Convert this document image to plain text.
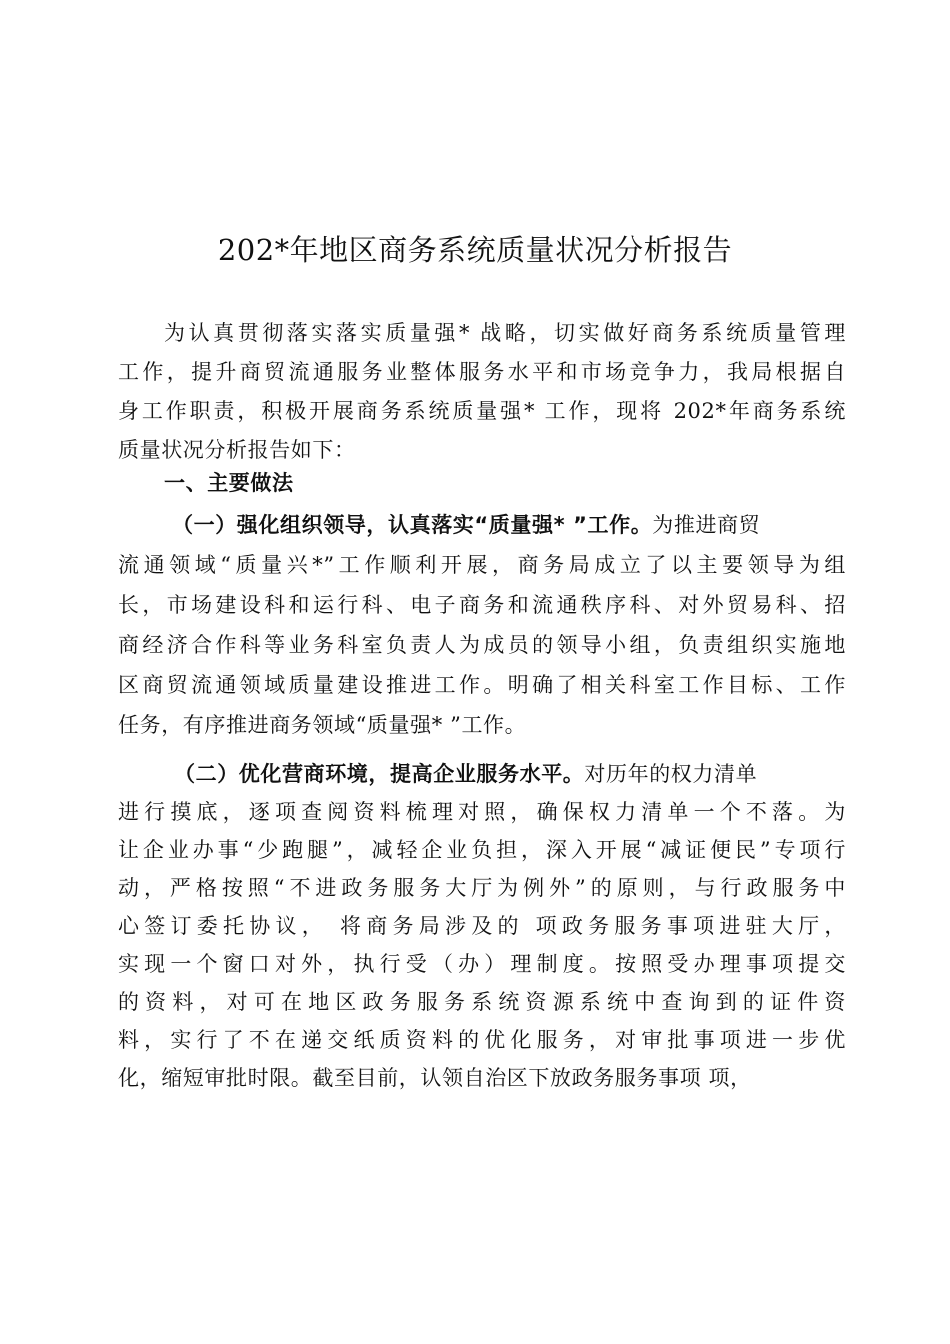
202*年地区商务系统质量状况分析报告
为认真贯彻落实落实质量强* 战略，切实做好商务系统质量管理
工作，提升商贸流通服务业整体服务水平和市场竞争力，我局根据自
身工作职责，积极开展商务系统质量强* 工作，现将 202*年商务系统
质量状况分析报告如下：
一、主要做法
（一）强化组织领导，认真落实“质量强* ”工作。为推进商贸
流通领域“质量兴*”工作顺利开展，商务局成立了以主要领导为组
长，市场建设科和运行科、电子商务和流通秩序科、对外贸易科、招
商经济合作科等业务科室负责人为成员的领导小组，负责组织实施地
区商贸流通领域质量建设推进工作。明确了相关科室工作目标、工作
任务，有序推进商务领域“质量强* ”工作。
（二）优化营商环境，提高企业服务水平。对历年的权力清单
进行摸底，逐项查阅资料梳理对照，确保权力清单一个不落。为
让企业办事“少跑腿”，减轻企业负担，深入开展“减证便民”专项行
动，严格按照“不进政务服务大厅为例外”的原则，与行政服务中
心签订委托协议， 将商务局涉及的 项政务服务事项进驻大厅，
实现一个窗口对外，执行受（办）理制度。按照受办理事项提交
的资料，对可在地区政务服务系统资源系统中查询到的证件资
料，实行了不在递交纸质资料的优化服务，对审批事项进一步优
化，缩短审批时限。截至目前，认领自治区下放政务服务事项 项，
